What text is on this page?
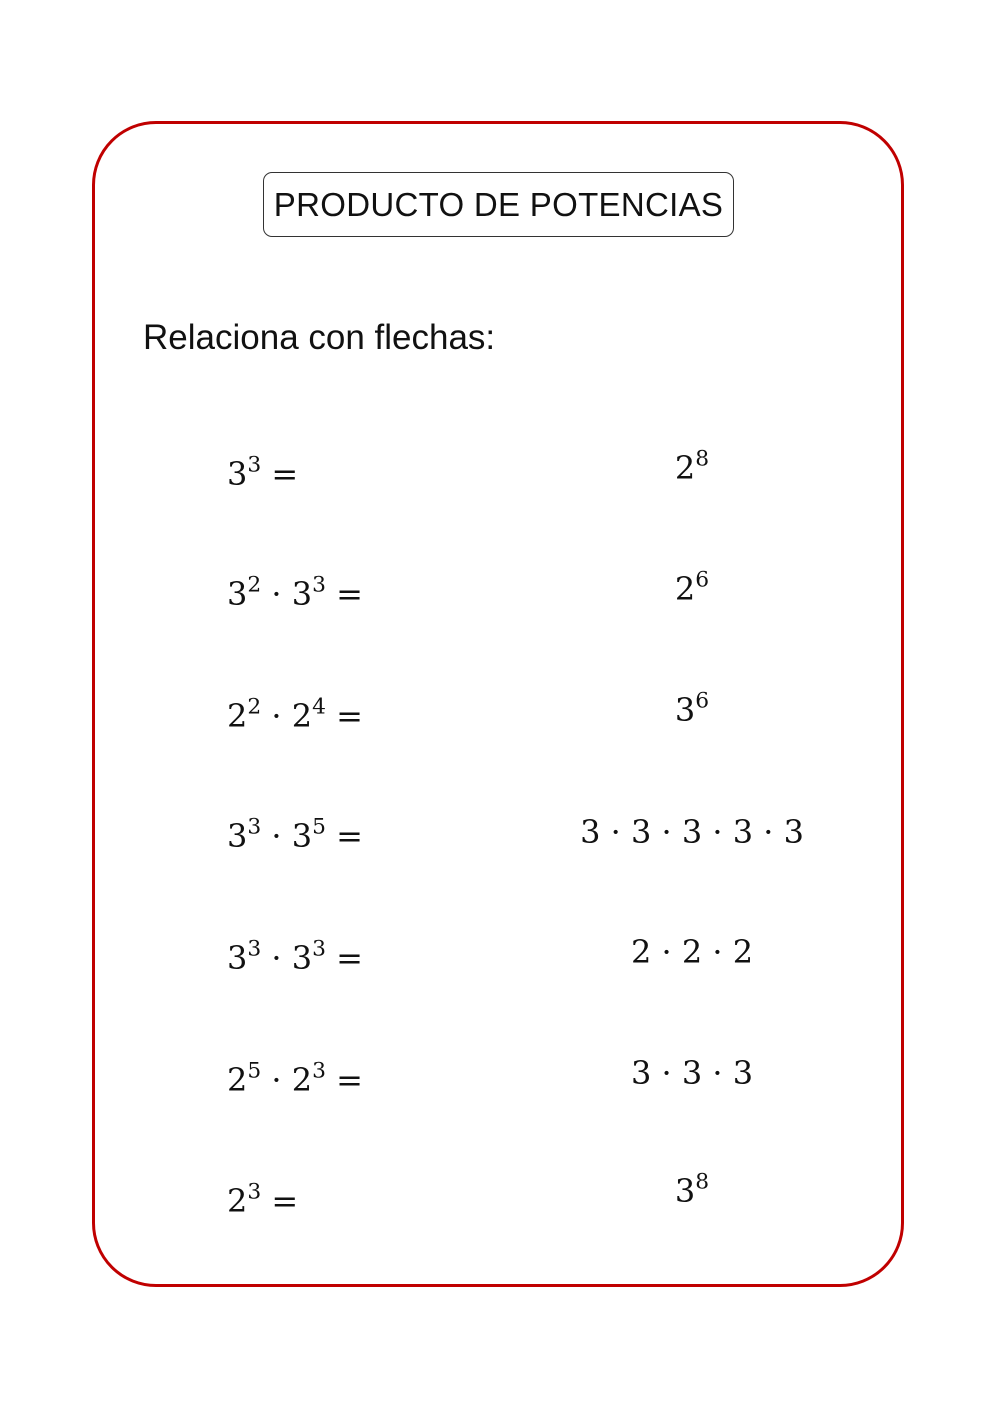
PRODUCTO DE POTENCIAS
Relaciona con flechas:
$3^3$ =
$3^2 \cdot 3^3$ =
$2^2 \cdot 2^4$ =
$3^3 \cdot 3^5$ =
$3^3 \cdot 3^3$ =
$2^5 \cdot 2^3$ =
$2^3$ =
$2^8$
$2^6$
$3^6$
3 · 3 · 3 · 3 · 3
2 · 2 · 2
3 · 3 · 3
$3^8$
